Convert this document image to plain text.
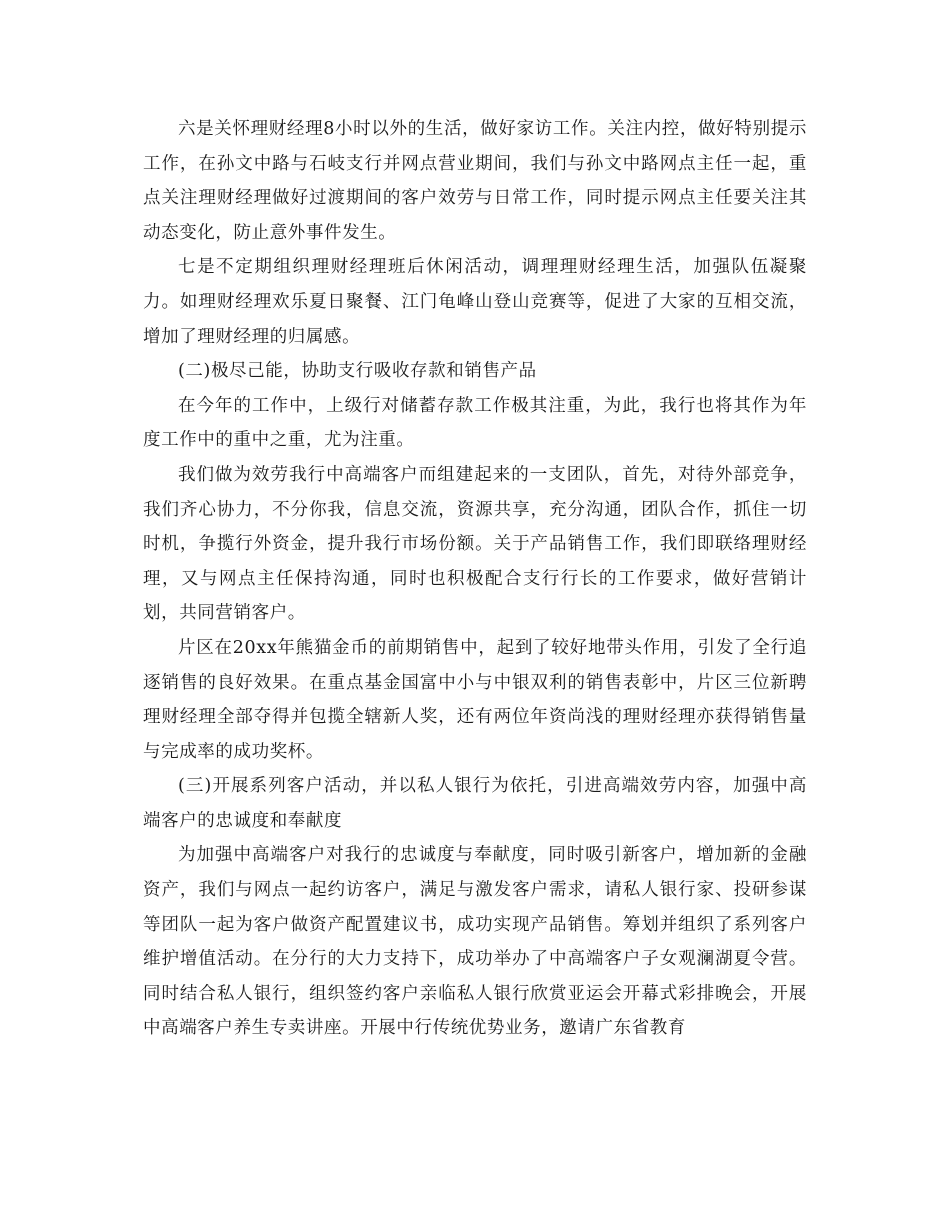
六是关怀理财经理8小时以外的生活，做好家访工作。关注内控，做好特别提示工作，在孙文中路与石岐支行并网点营业期间，我们与孙文中路网点主任一起，重点关注理财经理做好过渡期间的客户效劳与日常工作，同时提示网点主任要关注其动态变化，防止意外事件发生。

七是不定期组织理财经理班后休闲活动，调理理财经理生活，加强队伍凝聚力。如理财经理欢乐夏日聚餐、江门龟峰山登山竞赛等，促进了大家的互相交流，增加了理财经理的归属感。

(二)极尽己能，协助支行吸收存款和销售产品

在今年的工作中，上级行对储蓄存款工作极其注重，为此，我行也将其作为年度工作中的重中之重，尤为注重。

我们做为效劳我行中高端客户而组建起来的一支团队，首先，对待外部竞争，我们齐心协力，不分你我，信息交流，资源共享，充分沟通，团队合作，抓住一切时机，争揽行外资金，提升我行市场份额。关于产品销售工作，我们即联络理财经理，又与网点主任保持沟通，同时也积极配合支行行长的工作要求，做好营销计划，共同营销客户。

片区在20xx年熊猫金币的前期销售中，起到了较好地带头作用，引发了全行追逐销售的良好效果。在重点基金国富中小与中银双利的销售表彰中，片区三位新聘理财经理全部夺得并包揽全辖新人奖，还有两位年资尚浅的理财经理亦获得销售量与完成率的成功奖杯。

(三)开展系列客户活动，并以私人银行为依托，引进高端效劳内容，加强中高端客户的忠诚度和奉献度

为加强中高端客户对我行的忠诚度与奉献度，同时吸引新客户，增加新的金融资产，我们与网点一起约访客户，满足与激发客户需求，请私人银行家、投研参谋等团队一起为客户做资产配置建议书，成功实现产品销售。筹划并组织了系列客户维护增值活动。在分行的大力支持下，成功举办了中高端客户子女观澜湖夏令营。同时结合私人银行，组织签约客户亲临私人银行欣赏亚运会开幕式彩排晚会，开展中高端客户养生专卖讲座。开展中行传统优势业务，邀请广东省教育
